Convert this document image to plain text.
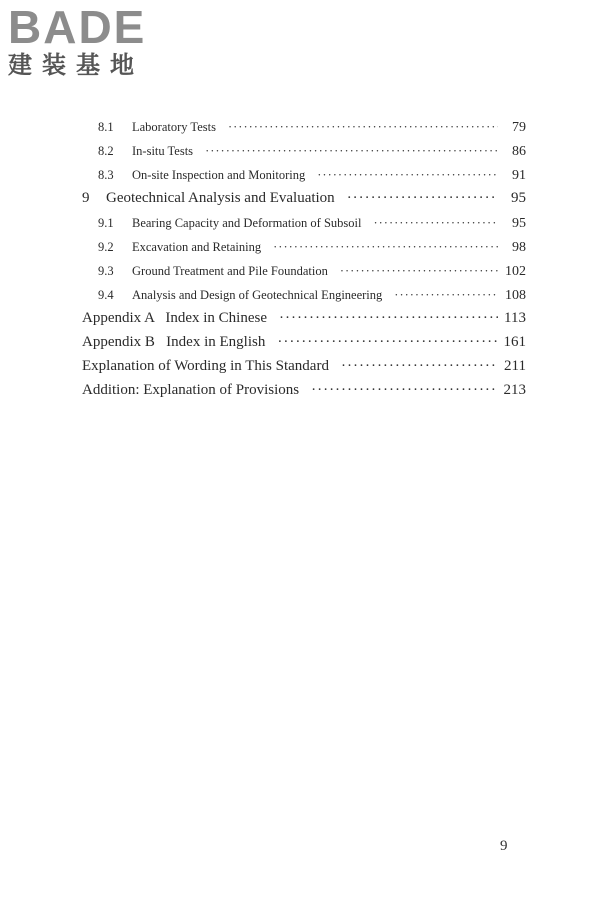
BADE
建装基地
8.1	Laboratory Tests ·····	79
8.2	In-situ Tests ·····	86
8.3	On-site Inspection and Monitoring ·····	91
9	Geotechnical Analysis and Evaluation ·····	95
9.1	Bearing Capacity and Deformation of Subsoil ·····	95
9.2	Excavation and Retaining ·····	98
9.3	Ground Treatment and Pile Foundation ·····	102
9.4	Analysis and Design of Geotechnical Engineering ·····	108
Appendix A   Index in Chinese ·····	113
Appendix B   Index in English ·····	161
Explanation of Wording in This Standard ·····	211
Addition: Explanation of Provisions ·····	213
9
